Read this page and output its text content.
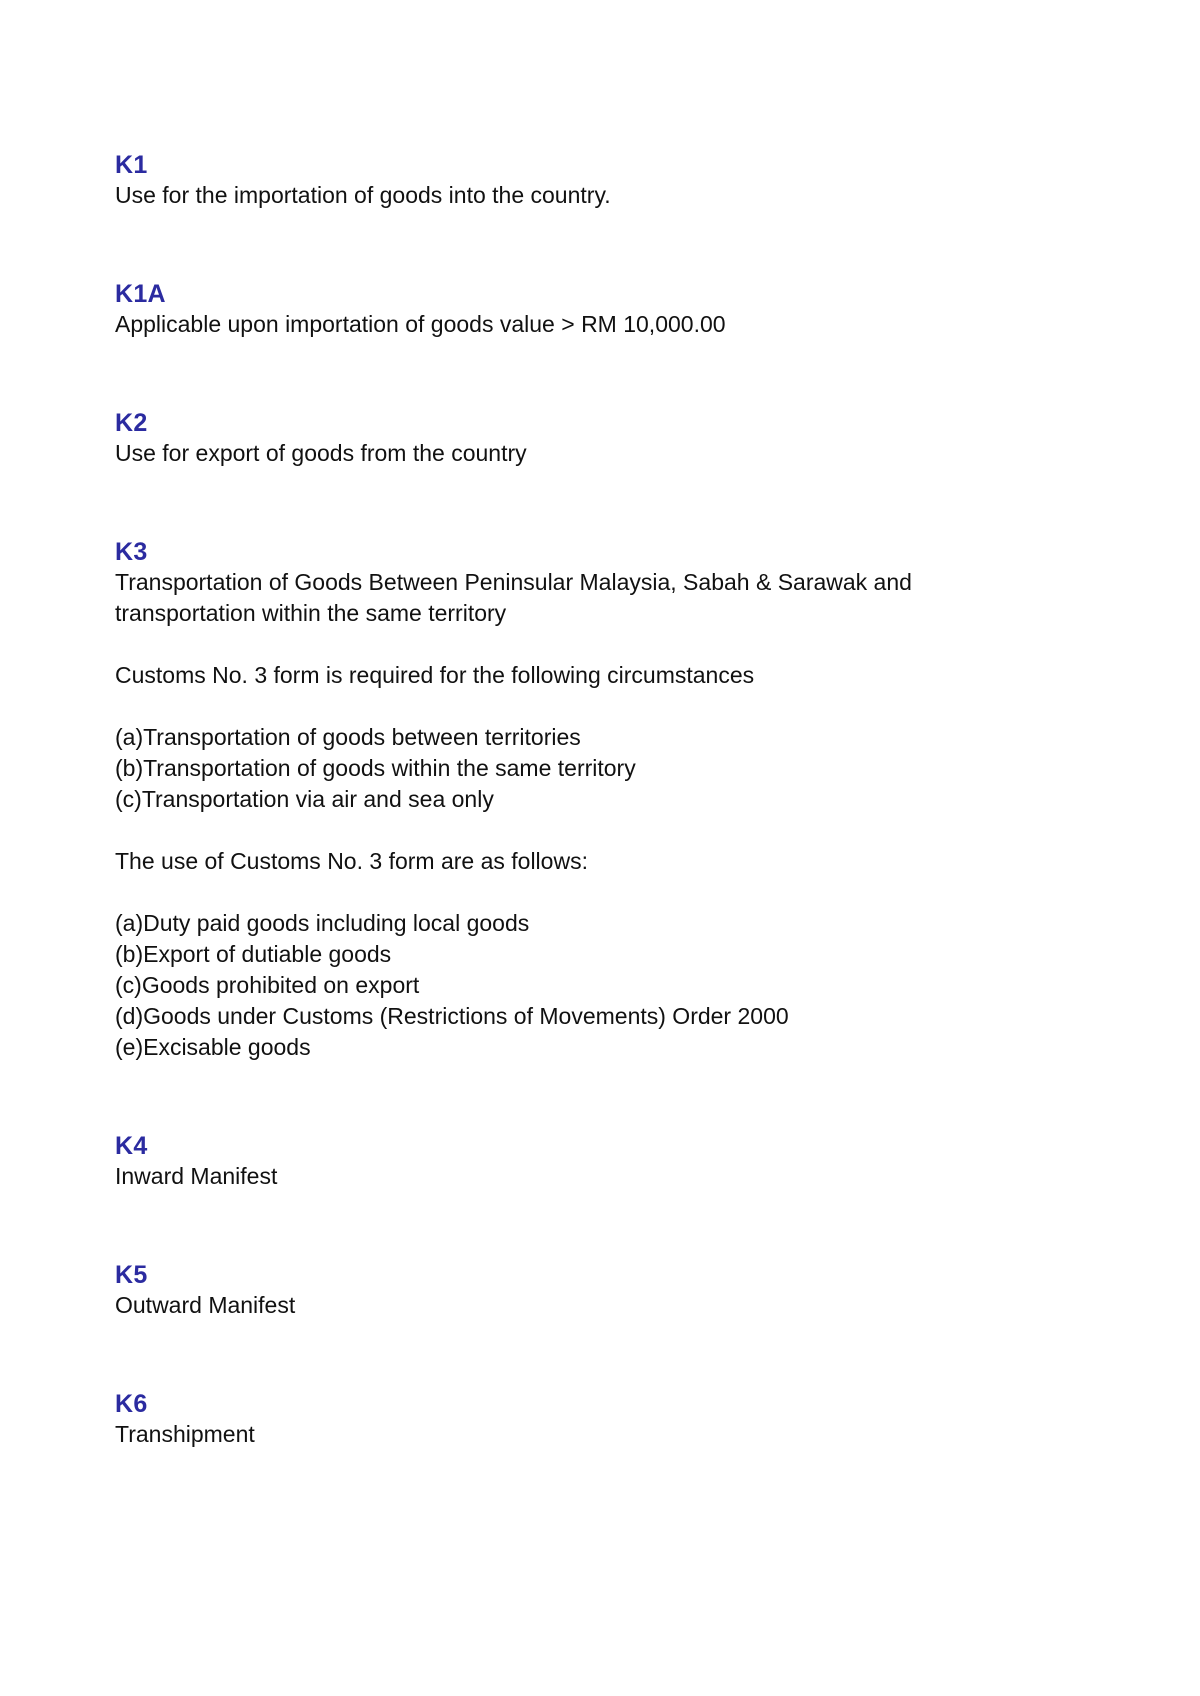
K1
Use for the importation of goods into the country.
K1A
Applicable upon importation of goods value > RM 10,000.00
K2
Use for export of goods from the country
K3
Transportation of Goods Between Peninsular Malaysia, Sabah & Sarawak and
transportation within the same territory
Customs No. 3 form is required for the following circumstances
(a)Transportation of goods between territories
(b)Transportation of goods within the same territory
(c)Transportation via air and sea only
The use of Customs No. 3 form are as follows:
(a)Duty paid goods including local goods
(b)Export of dutiable goods
(c)Goods prohibited on export
(d)Goods under Customs (Restrictions of Movements) Order 2000
(e)Excisable goods
K4
Inward Manifest
K5
Outward Manifest
K6
Transhipment
